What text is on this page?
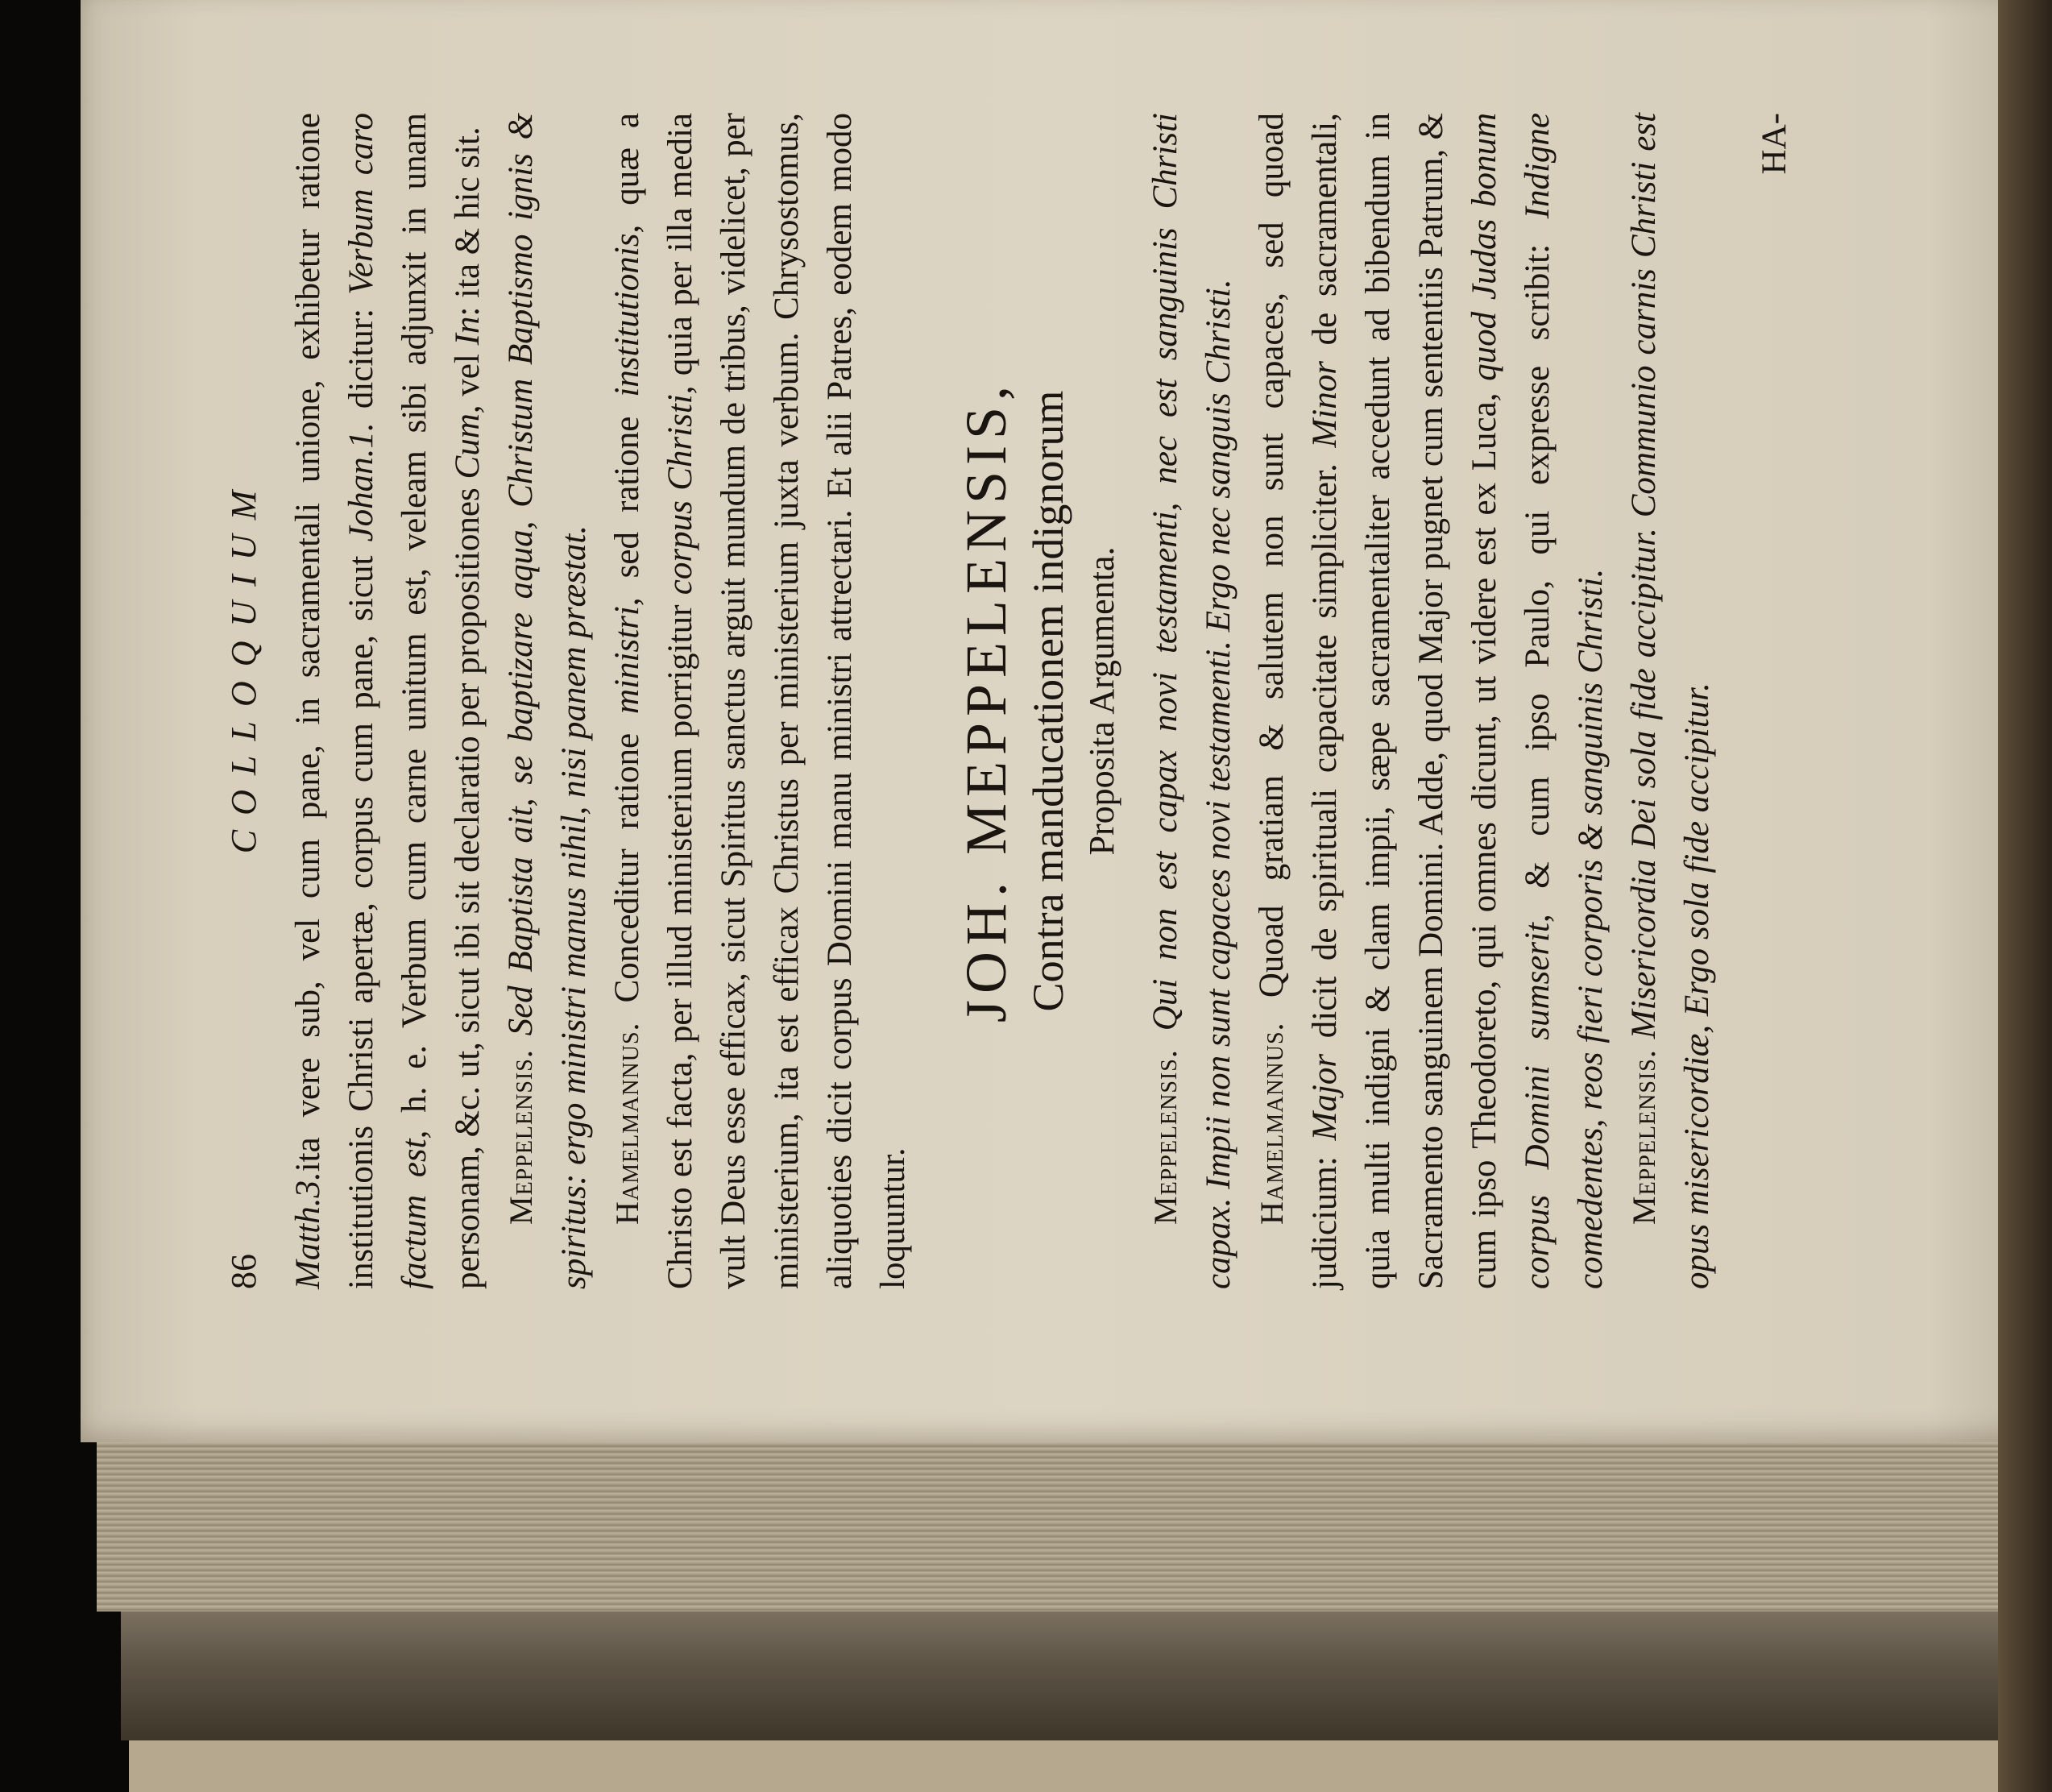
86
COLLOQUIUM

Matth.3.ita vere sub, vel cum pane, in sacramentali unione, exhibetur ratione institutionis Christi apertæ, corpus cum pane, sicut Johan.1. dicitur: Verbum caro factum est, h. e. Verbum cum carne unitum est, veleam sibi adjunxit in unam personam, &c. ut, sicut ibi sit declaratio per propositiones Cum, vel In: ita & hic sit.

Meppelensis. Sed Baptista ait, se baptizare aqua, Christum Baptismo ignis & spiritus: ergo ministri manus nihil, nisi panem præstat. Hamelmannus. Conceditur ratione ministri, sed ratione institutionis, quæ a Christo est facta, per illud ministerium porrigitur corpus Christi, quia per illa media vult Deus esse efficax, sicut Spiritus sanctus arguit mundum de tribus, videlicet, per ministerium, ita est efficax Christus per ministerium juxta verbum. Chrysostomus, aliquoties dicit corpus Domini manu ministri attrectari. Et alii Patres, eodem modo loquuntur.

JOH. MEPPELENSIS, Contra manducationem indignorum Proposita Argumenta.

Meppelensis. Qui non est capax novi testamenti, nec est sanguinis Christi capax. Impii non sunt capaces novi testamenti. Ergo nec sanguis Christi. Hamelmannus. Quoad gratiam & salutem non sunt capaces, sed quoad judicium: Major dicit de spirituali capacitate simpliciter. Minor de sacramentali, quia multi indigni & clam impii, sæpe sacramentaliter accedunt ad bibendum in Sacramento sanguinem Domini. Adde, quod Major pugnet cum sententiis Patrum, & cum ipso Theodoreto, qui omnes dicunt, ut videre est ex Luca, quod Judas bonum corpus Domini sumserit, & cum ipso Paulo, qui expresse scribit: Indigne comedentes, reos fieri corporis & sanguinis Christi. Meppelensis. Misericordia Dei sola fide accipitur. Communio carnis Christi est opus misericordiæ, Ergo sola fide accipitur.

HA-
